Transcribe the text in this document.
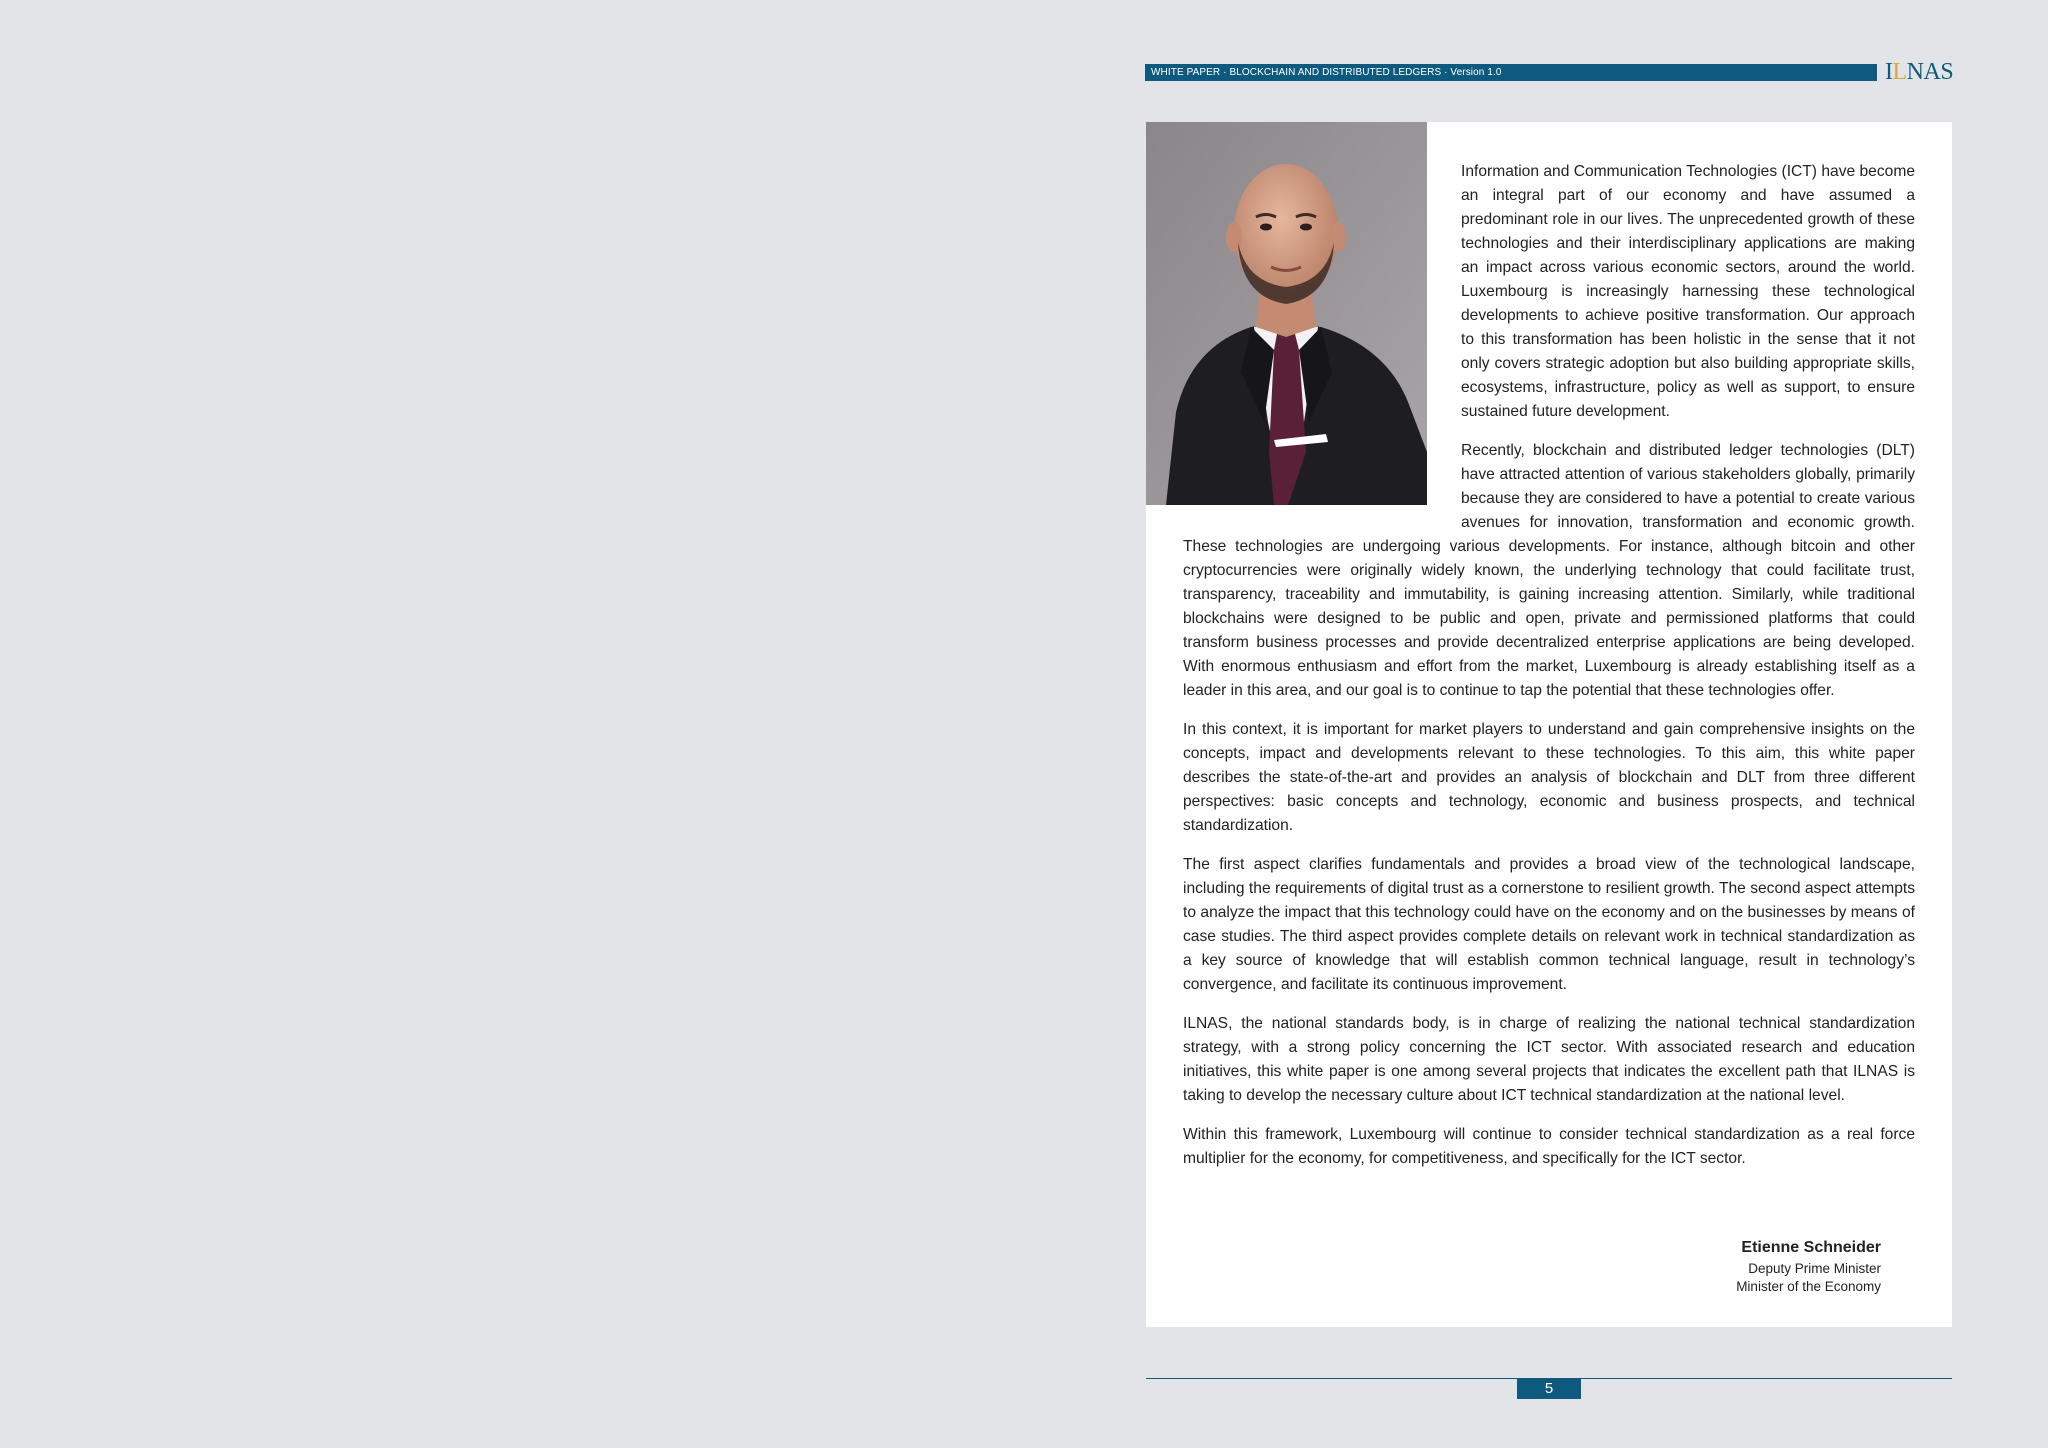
WHITE PAPER · BLOCKCHAIN AND DISTRIBUTED LEDGERS · Version 1.0	ILNAS

Information and Communication Technologies (ICT) have become an integral part of our economy and have assumed a predominant role in our lives. The unprecedented growth of these technologies and their interdisciplinary applications are making an impact across various economic sectors, around the world. Luxembourg is increasingly harnessing these technological developments to achieve positive transformation. Our approach to this transformation has been holistic in the sense that it not only covers strategic adoption but also building appropriate skills, ecosystems, infrastructure, policy as well as support, to ensure sustained future development.

Recently, blockchain and distributed ledger technologies (DLT) have attracted attention of various stakeholders globally, primarily because they are considered to have a potential to create various avenues for innovation, transformation and economic growth. These technologies are undergoing various developments. For instance, although bitcoin and other cryptocurrencies were originally widely known, the underlying technology that could facilitate trust, transparency, traceability and immutability, is gaining increasing attention. Similarly, while traditional blockchains were designed to be public and open, private and permissioned platforms that could transform business processes and provide decentralized enterprise applications are being developed. With enormous enthusiasm and effort from the market, Luxembourg is already establishing itself as a leader in this area, and our goal is to continue to tap the potential that these technologies offer.

In this context, it is important for market players to understand and gain comprehensive insights on the concepts, impact and developments relevant to these technologies. To this aim, this white paper describes the state-of-the-art and provides an analysis of blockchain and DLT from three different perspectives: basic concepts and technology, economic and business prospects, and technical standardization.

The first aspect clarifies fundamentals and provides a broad view of the technological landscape, including the requirements of digital trust as a cornerstone to resilient growth. The second aspect attempts to analyze the impact that this technology could have on the economy and on the businesses by means of case studies. The third aspect provides complete details on relevant work in technical standardization as a key source of knowledge that will establish common technical language, result in technology’s convergence, and facilitate its continuous improvement.

ILNAS, the national standards body, is in charge of realizing the national technical standardization strategy, with a strong policy concerning the ICT sector. With associated research and education initiatives, this white paper is one among several projects that indicates the excellent path that ILNAS is taking to develop the necessary culture about ICT technical standardization at the national level.

Within this framework, Luxembourg will continue to consider technical standardization as a real force multiplier for the economy, for competitiveness, and specifically for the ICT sector.

Etienne Schneider
Deputy Prime Minister
Minister of the Economy
5
